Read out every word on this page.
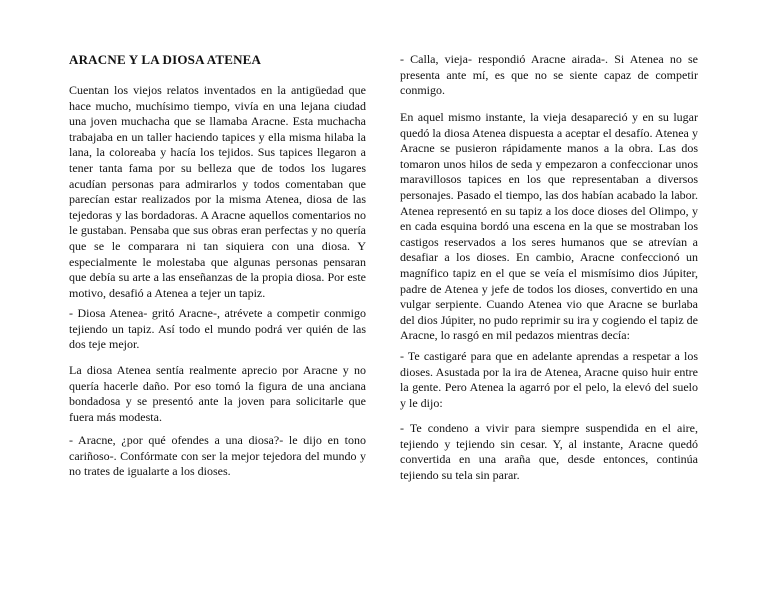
ARACNE Y LA DIOSA ATENEA

Cuentan los viejos relatos inventados en la antigüedad que hace mucho, muchísimo tiempo, vivía en una lejana ciudad una joven muchacha que se llamaba Aracne. Esta muchacha trabajaba en un taller haciendo tapices y ella misma hilaba la lana, la coloreaba y hacía los tejidos. Sus tapices llegaron a tener tanta fama por su belleza que de todos los lugares acudían personas para admirarlos y todos comentaban que parecían estar realizados por la misma Atenea, diosa de las tejedoras y las bordadoras. A Aracne aquellos comentarios no le gustaban. Pensaba que sus obras eran perfectas y no quería que se le comparara ni tan siquiera con una diosa. Y especialmente le molestaba que algunas personas pensaran que debía su arte a las enseñanzas de la propia diosa. Por este motivo, desafió a Atenea a tejer un tapiz.

- Diosa Atenea- gritó Aracne-, atrévete a competir conmigo tejiendo un tapiz. Así todo el mundo podrá ver quién de las dos teje mejor.

La diosa Atenea sentía realmente aprecio por Aracne y no quería hacerle daño. Por eso tomó la figura de una anciana bondadosa y se presentó ante la joven para solicitarle que fuera más modesta.

- Aracne, ¿por qué ofendes a una diosa?- le dijo en tono cariñoso-. Confórmate con ser la mejor tejedora del mundo y no trates de igualarte a los dioses.

- Calla, vieja- respondió Aracne airada-. Si Atenea no se presenta ante mí, es que no se siente capaz de competir conmigo.

En aquel mismo instante, la vieja desapareció y en su lugar quedó la diosa Atenea dispuesta a aceptar el desafío. Atenea y Aracne se pusieron rápidamente manos a la obra. Las dos tomaron unos hilos de seda y empezaron a confeccionar unos maravillosos tapices en los que representaban a diversos personajes. Pasado el tiempo, las dos habían acabado la labor. Atenea representó en su tapiz a los doce dioses del Olimpo, y en cada esquina bordó una escena en la que se mostraban los castigos reservados a los seres humanos que se atrevían a desafiar a los dioses. En cambio, Aracne confeccionó un magnífico tapiz en el que se veía el mismísimo dios Júpiter, padre de Atenea y jefe de todos los dioses, convertido en una vulgar serpiente. Cuando Atenea vio que Aracne se burlaba del dios Júpiter, no pudo reprimir su ira y cogiendo el tapiz de Aracne, lo rasgó en mil pedazos mientras decía:

- Te castigaré para que en adelante aprendas a respetar a los dioses. Asustada por la ira de Atenea, Aracne quiso huir entre la gente. Pero Atenea la agarró por el pelo, la elevó del suelo y le dijo:

- Te condeno a vivir para siempre suspendida en el aire, tejiendo y tejiendo sin cesar. Y, al instante, Aracne quedó convertida en una araña que, desde entonces, continúa tejiendo su tela sin parar.
